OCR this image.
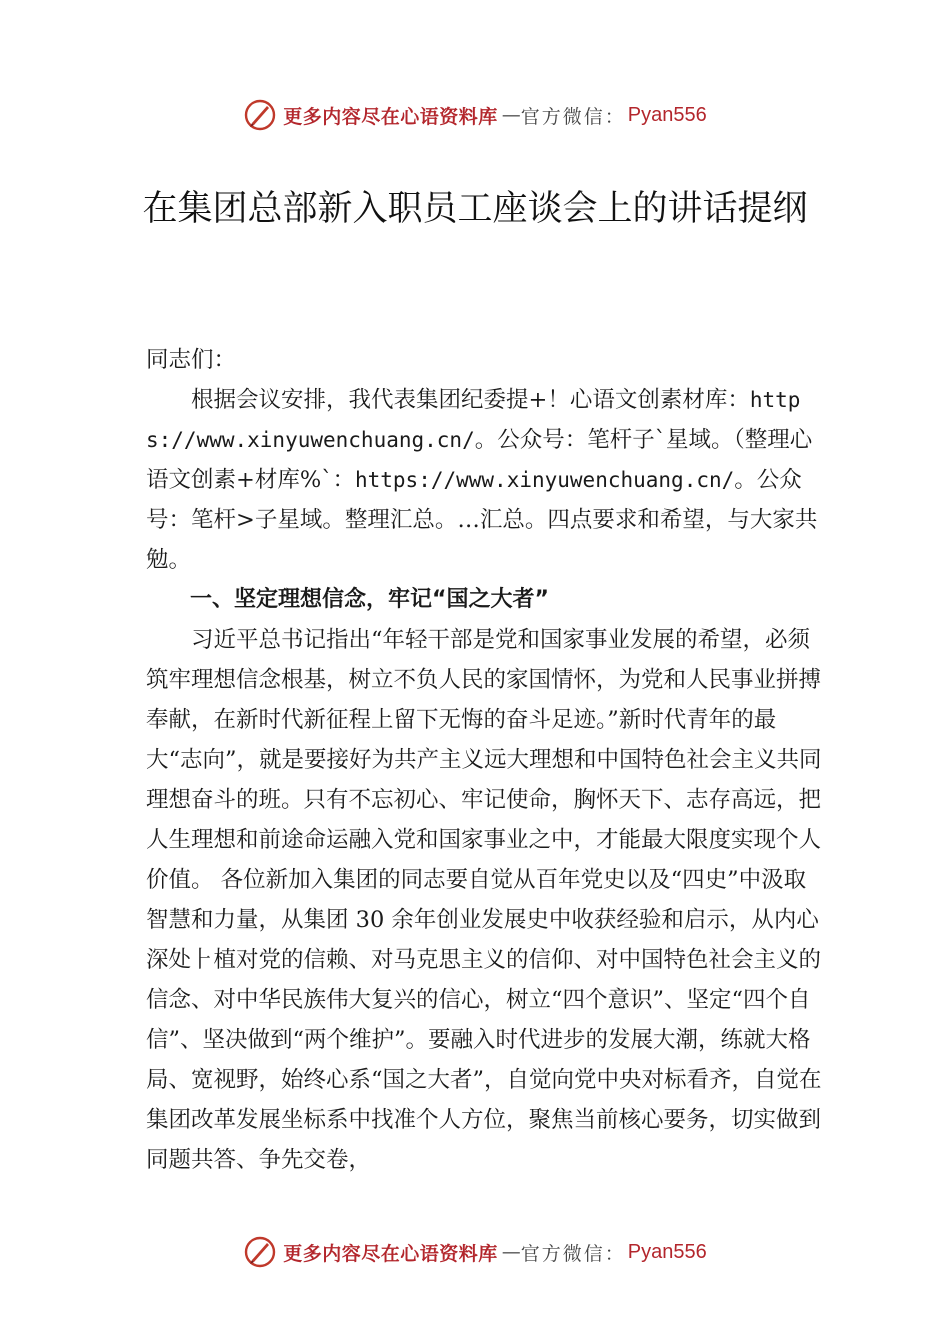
更多内容尽在心语资料库 — 官方微信： Pyan556
在集团总部新入职员工座谈会上的讲话提纲

同志们：

根据会议安排，我代表集团纪委提+！心语文创素材库：https://www.xinyuwenchuang.cn/。公众号：笔杆子`星域。（整理心语文创素+材库%`：https://www.xinyuwenchuang.cn/。公众号：笔杆>子星域。整理汇总。…汇总。四点要求和希望，与大家共勉。

一、坚定理想信念，牢记“国之大者”

习近平总书记指出“年轻干部是党和国家事业发展的希望，必须筑牢理想信念根基，树立不负人民的家国情怀，为党和人民事业拼搏奉献，在新时代新征程上留下无悔的奋斗足迹。”新时代青年的最大“志向”，就是要接好为共产主义远大理想和中国特色社会主义共同理想奋斗的班。只有不忘初心、牢记使命，胸怀天下、志存高远，把人生理想和前途命运融入党和国家事业之中，才能最大限度实现个人价值。 各位新加入集团的同志要自觉从百年党史以及“四史”中汲取智慧和力量，从集团 30 余年创业发展史中收获经验和启示，从内心深处⺊植对党的信赖、对马克思主义的信仰、对中国特色社会主义的信念、对中华民族伟大复兴的信心，树立“四个意识”、坚定“四个自信”、坚决做到“两个维护”。要融入时代进步的发展大潮，练就大格局、宽视野，始终心系“国之大者”，自觉向党中央对标看齐，自觉在集团改革发展坐标系中找准个人方位，聚焦当前核心要务，切实做到同题共答、争先交卷，

更多内容尽在心语资料库 — 官方微信： Pyan556
